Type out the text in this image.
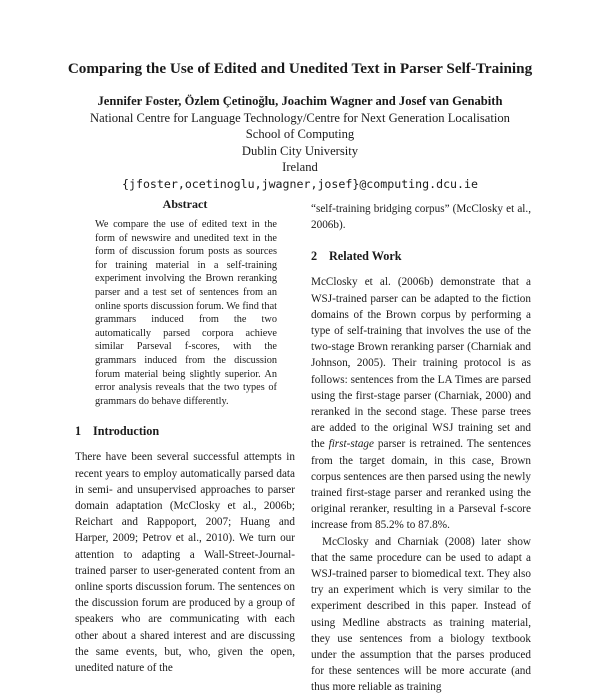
Comparing the Use of Edited and Unedited Text in Parser Self-Training
Jennifer Foster, Özlem Çetinoğlu, Joachim Wagner and Josef van Genabith
National Centre for Language Technology/Centre for Next Generation Localisation
School of Computing
Dublin City University
Ireland
{jfoster,ocetinoglu,jwagner,josef}@computing.dcu.ie
Abstract

We compare the use of edited text in the form of newswire and unedited text in the form of discussion forum posts as sources for training material in a self-training experiment involving the Brown reranking parser and a test set of sentences from an online sports discussion forum. We find that grammars induced from the two automatically parsed corpora achieve similar Parseval f-scores, with the grammars induced from the discussion forum material being slightly superior. An error analysis reveals that the two types of grammars do behave differently.

1 Introduction

There have been several successful attempts in recent years to employ automatically parsed data in semi- and unsupervised approaches to parser domain adaptation (McClosky et al., 2006b; Reichart and Rappoport, 2007; Huang and Harper, 2009; Petrov et al., 2010). We turn our attention to adapting a Wall-Street-Journal-trained parser to user-generated content from an online sports discussion forum. The sentences on the discussion forum are produced by a group of speakers who are communicating with each other about a shared interest and are discussing the same events, but, who, given the open, unedited nature of the

“self-training bridging corpus” (McClosky et al., 2006b).

2 Related Work

McClosky et al. (2006b) demonstrate that a WSJ-trained parser can be adapted to the fiction domains of the Brown corpus by performing a type of self-training that involves the use of the two-stage Brown reranking parser (Charniak and Johnson, 2005). Their training protocol is as follows: sentences from the LA Times are parsed using the first-stage parser (Charniak, 2000) and reranked in the second stage. These parse trees are added to the original WSJ training set and the first-stage parser is retrained. The sentences from the target domain, in this case, Brown corpus sentences are then parsed using the newly trained first-stage parser and reranked using the original reranker, resulting in a Parseval f-score increase from 85.2% to 87.8%.

McClosky and Charniak (2008) later show that the same procedure can be used to adapt a WSJ-trained parser to biomedical text. They also try an experiment which is very similar to the experiment described in this paper. Instead of using Medline abstracts as training material, they use sentences from a biology textbook under the assumption that the parses produced for these sentences will be more accurate (and thus more reliable as training
